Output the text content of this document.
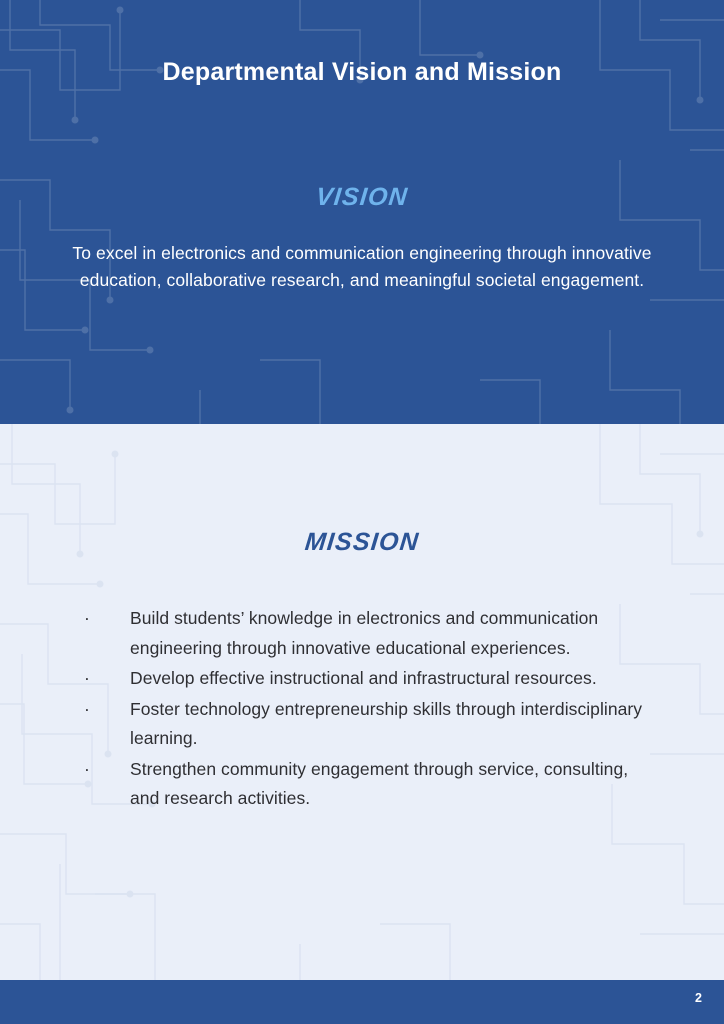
Departmental Vision and Mission
VISION
To excel in electronics and communication engineering through innovative education, collaborative research, and meaningful societal engagement.
MISSION
· Build students’ knowledge in electronics and communication engineering through innovative educational experiences.
· Develop effective instructional and infrastructural resources.
· Foster technology entrepreneurship skills through interdisciplinary learning.
· Strengthen community engagement through service, consulting, and research activities.
2
